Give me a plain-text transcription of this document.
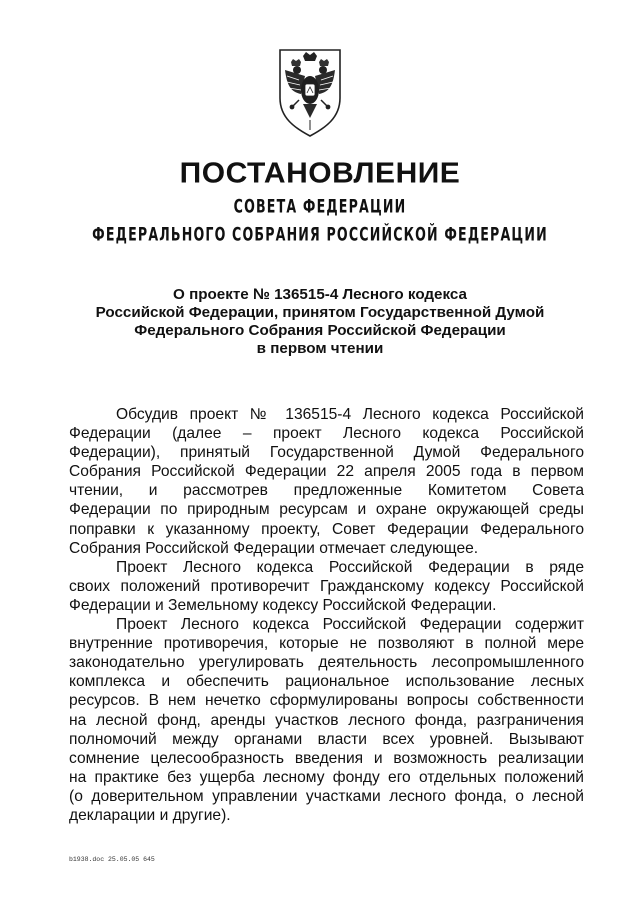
ПОСТАНОВЛЕНИЕ
СОВЕТА ФЕДЕРАЦИИ
ФЕДЕРАЛЬНОГО СОБРАНИЯ РОССИЙСКОЙ ФЕДЕРАЦИИ
О проекте № 136515-4 Лесного кодекса
Российской Федерации, принятом Государственной Думой
Федерального Собрания Российской Федерации
в первом чтении
Обсудив проект № 136515-4 Лесного кодекса Российской
Федерации (далее – проект Лесного кодекса Российской
Федерации), принятый Государственной Думой Федерального
Собрания Российской Федерации 22 апреля 2005 года в первом
чтении, и рассмотрев предложенные Комитетом Совета
Федерации по природным ресурсам и охране окружающей среды
поправки к указанному проекту, Совет Федерации Федерального
Собрания Российской Федерации отмечает следующее.
Проект Лесного кодекса Российской Федерации в ряде
своих положений противоречит Гражданскому кодексу Российской
Федерации и Земельному кодексу Российской Федерации.
Проект Лесного кодекса Российской Федерации содержит
внутренние противоречия, которые не позволяют в полной мере
законодательно урегулировать деятельность лесопромышленного
комплекса и обеспечить рациональное использование лесных
ресурсов. В нем нечетко сформулированы вопросы собственности
на лесной фонд, аренды участков лесного фонда, разграничения
полномочий между органами власти всех уровней. Вызывают
сомнение целесообразность введения и возможность реализации
на практике без ущерба лесному фонду его отдельных положений
(о доверительном управлении участками лесного фонда, о лесной
декларации и другие).
b1938.doc 25.05.05 645
